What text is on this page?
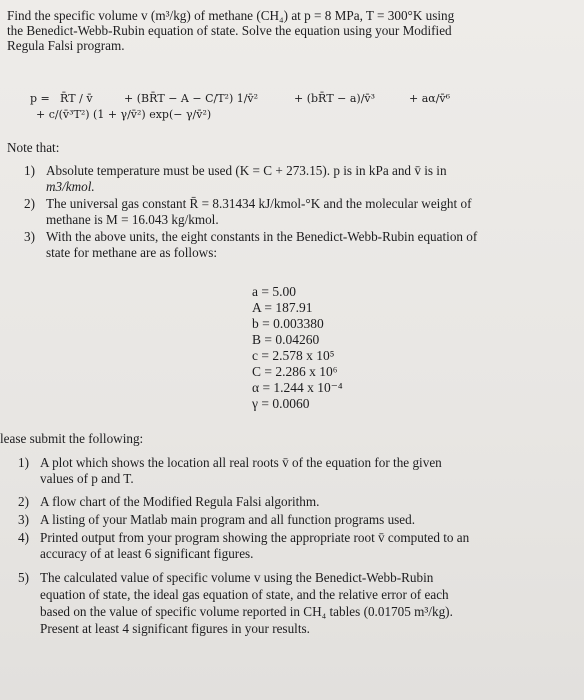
Find the specific volume v (m³/kg) of methane (CH₄) at p = 8 MPa, T = 300°K using
the Benedict-Webb-Rubin equation of state. Solve the equation using your Modified
Regula Falsi program.
p = R̄T / v̄	+ (BR̄T − A − C/T²) 1/v̄²	+ (bR̄T − a)/v̄³	+ aα/v̄⁶
+ c/(v̄³T²) (1 + γ/v̄²) exp(− γ/v̄²)
Note that:
1) Absolute temperature must be used (K = C + 273.15). p is in kPa and v̄ is in
m3/kmol.
2) The universal gas constant R̄ = 8.31434 kJ/kmol-°K and the molecular weight of
methane is M = 16.043 kg/kmol.
3) With the above units, the eight constants in the Benedict-Webb-Rubin equation of
state for methane are as follows:
a = 5.00
A = 187.91
b = 0.003380
B = 0.04260
c = 2.578 x 10⁵
C = 2.286 x 10⁶
α = 1.244 x 10⁻⁴
γ = 0.0060
lease submit the following:
1) A plot which shows the location all real roots v̄ of the equation for the given
values of p and T.
2) A flow chart of the Modified Regula Falsi algorithm.
3) A listing of your Matlab main program and all function programs used.
4) Printed output from your program showing the appropriate root v̄ computed to an
accuracy of at least 6 significant figures.
5) The calculated value of specific volume v using the Benedict-Webb-Rubin
equation of state, the ideal gas equation of state, and the relative error of each
based on the value of specific volume reported in CH₄ tables (0.01705 m³/kg).
Present at least 4 significant figures in your results.
